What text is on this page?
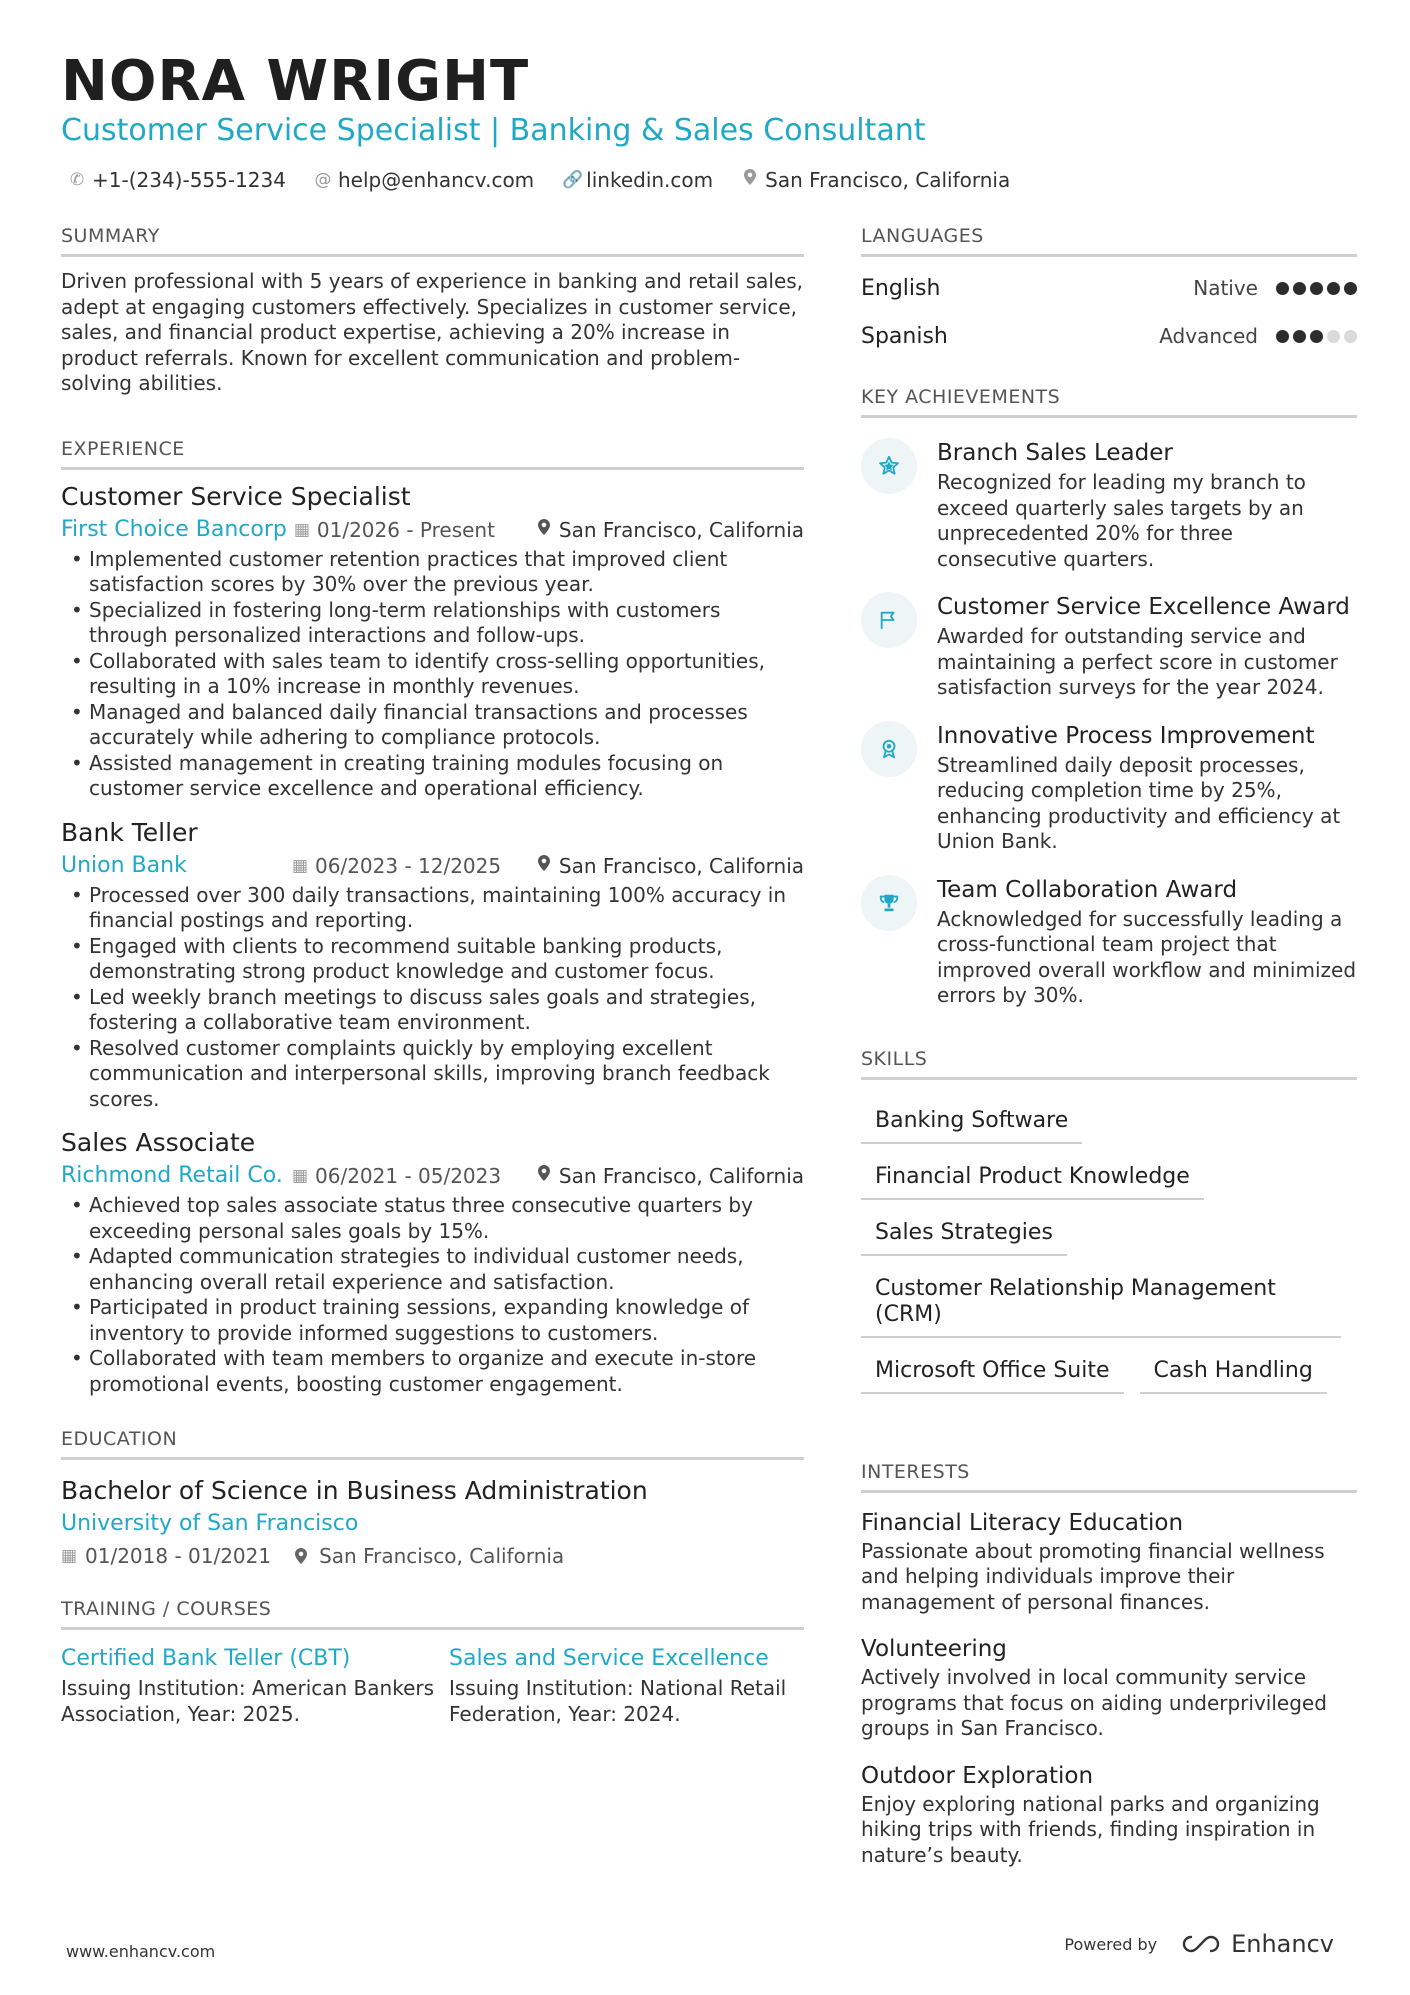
NORA WRIGHT
Customer Service Specialist | Banking & Sales Consultant
✆ +1-(234)-555-1234 @ help@enhancv.com 🔗 linkedin.com	San Francisco, California
SUMMARY
Driven professional with 5 years of experience in banking and retail sales, adept at engaging customers effectively. Specializes in customer service, sales, and financial product expertise, achieving a 20% increase in product referrals. Known for excellent communication and problem-solving abilities.
EXPERIENCE
Customer Service Specialist
First Choice Bancorp ▦ 01/2026 - Present	San Francisco, California
• Implemented customer retention practices that improved client satisfaction scores by 30% over the previous year.
• Specialized in fostering long-term relationships with customers through personalized interactions and follow-ups.
• Collaborated with sales team to identify cross-selling opportunities, resulting in a 10% increase in monthly revenues.
• Managed and balanced daily financial transactions and processes accurately while adhering to compliance protocols.
• Assisted management in creating training modules focusing on customer service excellence and operational efficiency.
Bank Teller
Union Bank	▦ 06/2023 - 12/2025	San Francisco, California
• Processed over 300 daily transactions, maintaining 100% accuracy in financial postings and reporting.
• Engaged with clients to recommend suitable banking products, demonstrating strong product knowledge and customer focus.
• Led weekly branch meetings to discuss sales goals and strategies, fostering a collaborative team environment.
• Resolved customer complaints quickly by employing excellent communication and interpersonal skills, improving branch feedback scores.
Sales Associate
Richmond Retail Co. ▦ 06/2021 - 05/2023	San Francisco, California
• Achieved top sales associate status three consecutive quarters by exceeding personal sales goals by 15%.
• Adapted communication strategies to individual customer needs, enhancing overall retail experience and satisfaction.
• Participated in product training sessions, expanding knowledge of inventory to provide informed suggestions to customers.
• Collaborated with team members to organize and execute in-store promotional events, boosting customer engagement.
EDUCATION
Bachelor of Science in Business Administration
University of San Francisco
▦ 01/2018 - 01/2021 San Francisco, California
TRAINING / COURSES
Certified Bank Teller (CBT)
Issuing Institution: American Bankers Association, Year: 2025.
Sales and Service Excellence
Issuing Institution: National Retail Federation, Year: 2024.
LANGUAGES
English	Native
Spanish	Advanced
KEY ACHIEVEMENTS
Branch Sales Leader
Recognized for leading my branch to exceed quarterly sales targets by an unprecedented 20% for three consecutive quarters.
Customer Service Excellence Award
Awarded for outstanding service and maintaining a perfect score in customer satisfaction surveys for the year 2024.
Innovative Process Improvement
Streamlined daily deposit processes, reducing completion time by 25%, enhancing productivity and efficiency at Union Bank.
Team Collaboration Award
Acknowledged for successfully leading a cross-functional team project that improved overall workflow and minimized errors by 30%.
SKILLS
Banking Software
Financial Product Knowledge
Sales Strategies
Customer Relationship Management (CRM)
Microsoft Office Suite	Cash Handling
INTERESTS
Financial Literacy Education
Passionate about promoting financial wellness and helping individuals improve their management of personal finances.
Volunteering
Actively involved in local community service programs that focus on aiding underprivileged groups in San Francisco.
Outdoor Exploration
Enjoy exploring national parks and organizing hiking trips with friends, finding inspiration in nature’s beauty.
www.enhancv.com	Powered by	Enhancv
